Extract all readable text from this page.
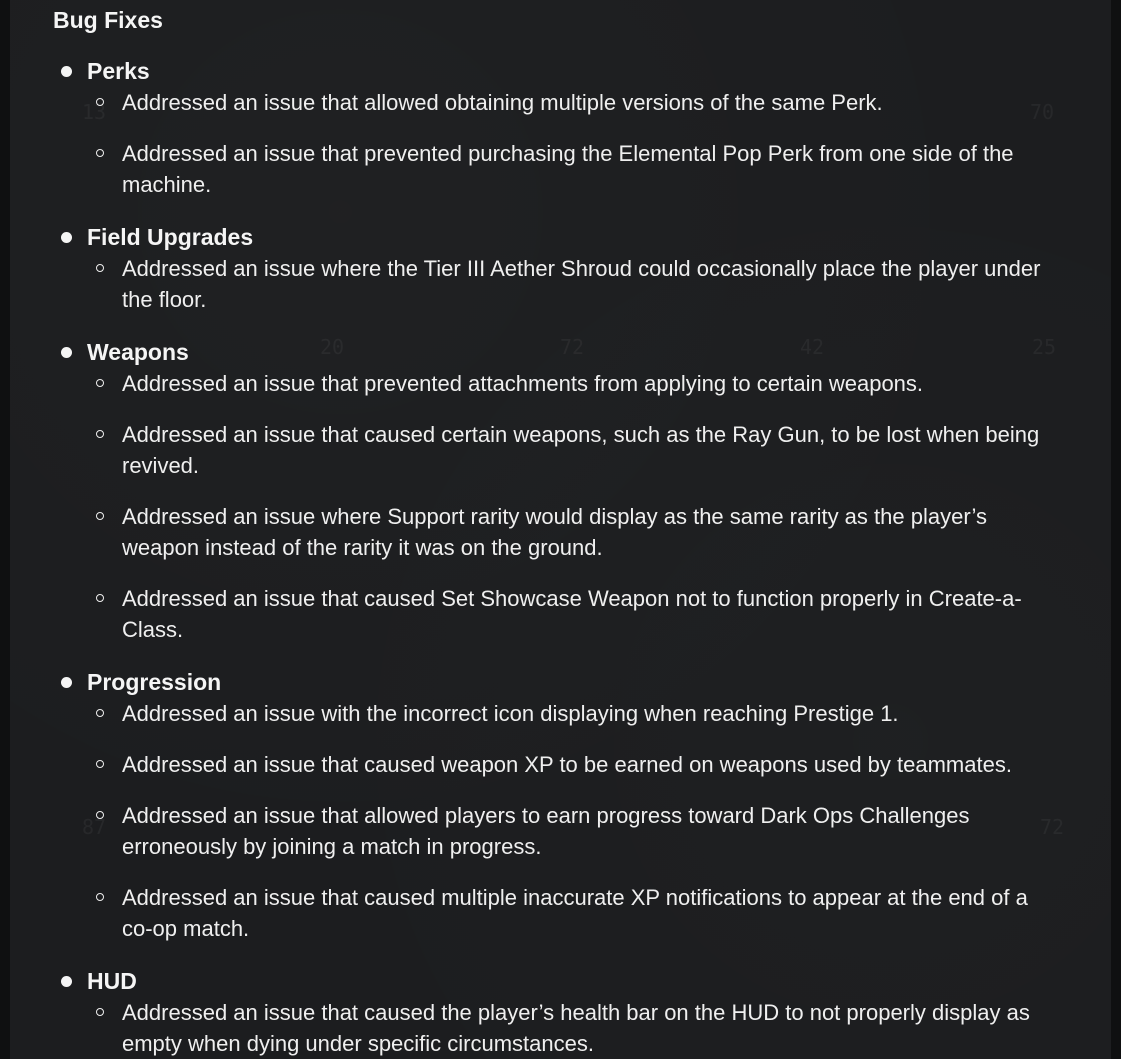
13	70
20	72	42	25
87	72
Bug Fixes
Perks
Addressed an issue that allowed obtaining multiple versions of the same Perk.
Addressed an issue that prevented purchasing the Elemental Pop Perk from one side of the machine.
Field Upgrades
Addressed an issue where the Tier III Aether Shroud could occasionally place the player under the floor.
Weapons
Addressed an issue that prevented attachments from applying to certain weapons.
Addressed an issue that caused certain weapons, such as the Ray Gun, to be lost when being revived.
Addressed an issue where Support rarity would display as the same rarity as the player’s weapon instead of the rarity it was on the ground.
Addressed an issue that caused Set Showcase Weapon not to function properly in Create-a-Class.
Progression
Addressed an issue with the incorrect icon displaying when reaching Prestige 1.
Addressed an issue that caused weapon XP to be earned on weapons used by teammates.
Addressed an issue that allowed players to earn progress toward Dark Ops Challenges erroneously by joining a match in progress.
Addressed an issue that caused multiple inaccurate XP notifications to appear at the end of a co-op match.
HUD
Addressed an issue that caused the player’s health bar on the HUD to not properly display as empty when dying under specific circumstances.
